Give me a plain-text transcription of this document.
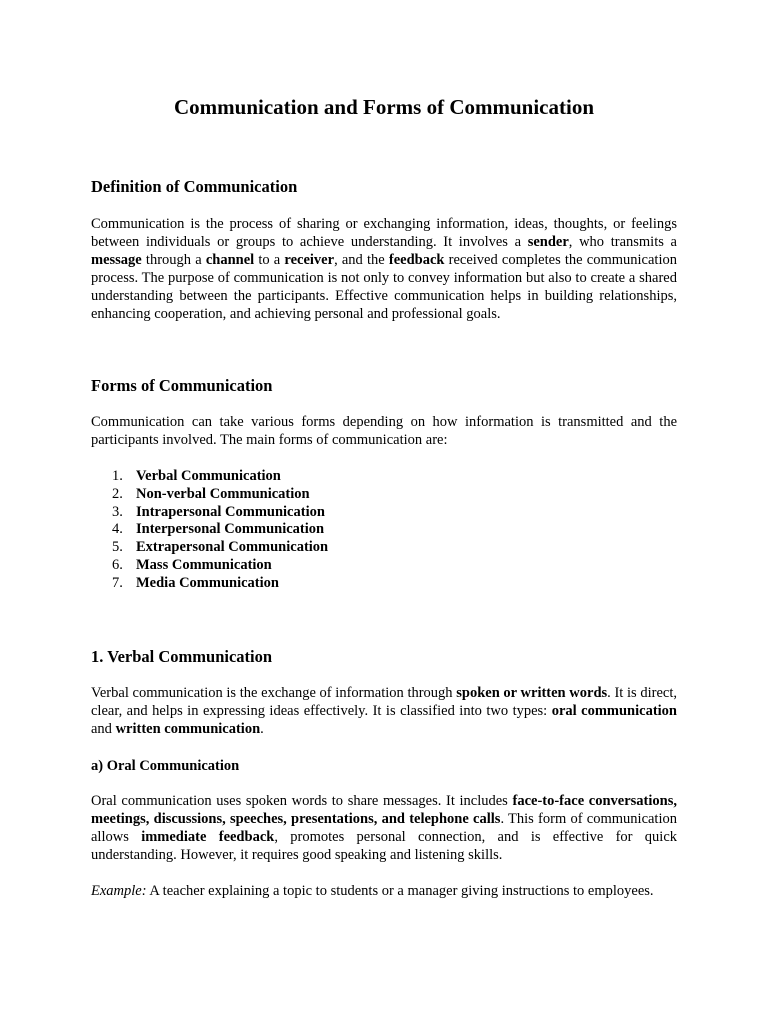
Communication and Forms of Communication
Definition of Communication

Communication is the process of sharing or exchanging information, ideas, thoughts, or feelings between individuals or groups to achieve understanding. It involves a sender, who transmits a message through a channel to a receiver, and the feedback received completes the communication process. The purpose of communication is not only to convey information but also to create a shared understanding between the participants. Effective communication helps in building relationships, enhancing cooperation, and achieving personal and professional goals.

Forms of Communication

Communication can take various forms depending on how information is transmitted and the participants involved. The main forms of communication are:

1. Verbal Communication
2. Non-verbal Communication
3. Intrapersonal Communication
4. Interpersonal Communication
5. Extrapersonal Communication
6. Mass Communication
7. Media Communication
1. Verbal Communication

Verbal communication is the exchange of information through spoken or written words. It is direct, clear, and helps in expressing ideas effectively. It is classified into two types: oral communication and written communication.

a) Oral Communication

Oral communication uses spoken words to share messages. It includes face-to-face conversations, meetings, discussions, speeches, presentations, and telephone calls. This form of communication allows immediate feedback, promotes personal connection, and is effective for quick understanding. However, it requires good speaking and listening skills.

Example: A teacher explaining a topic to students or a manager giving instructions to employees.
